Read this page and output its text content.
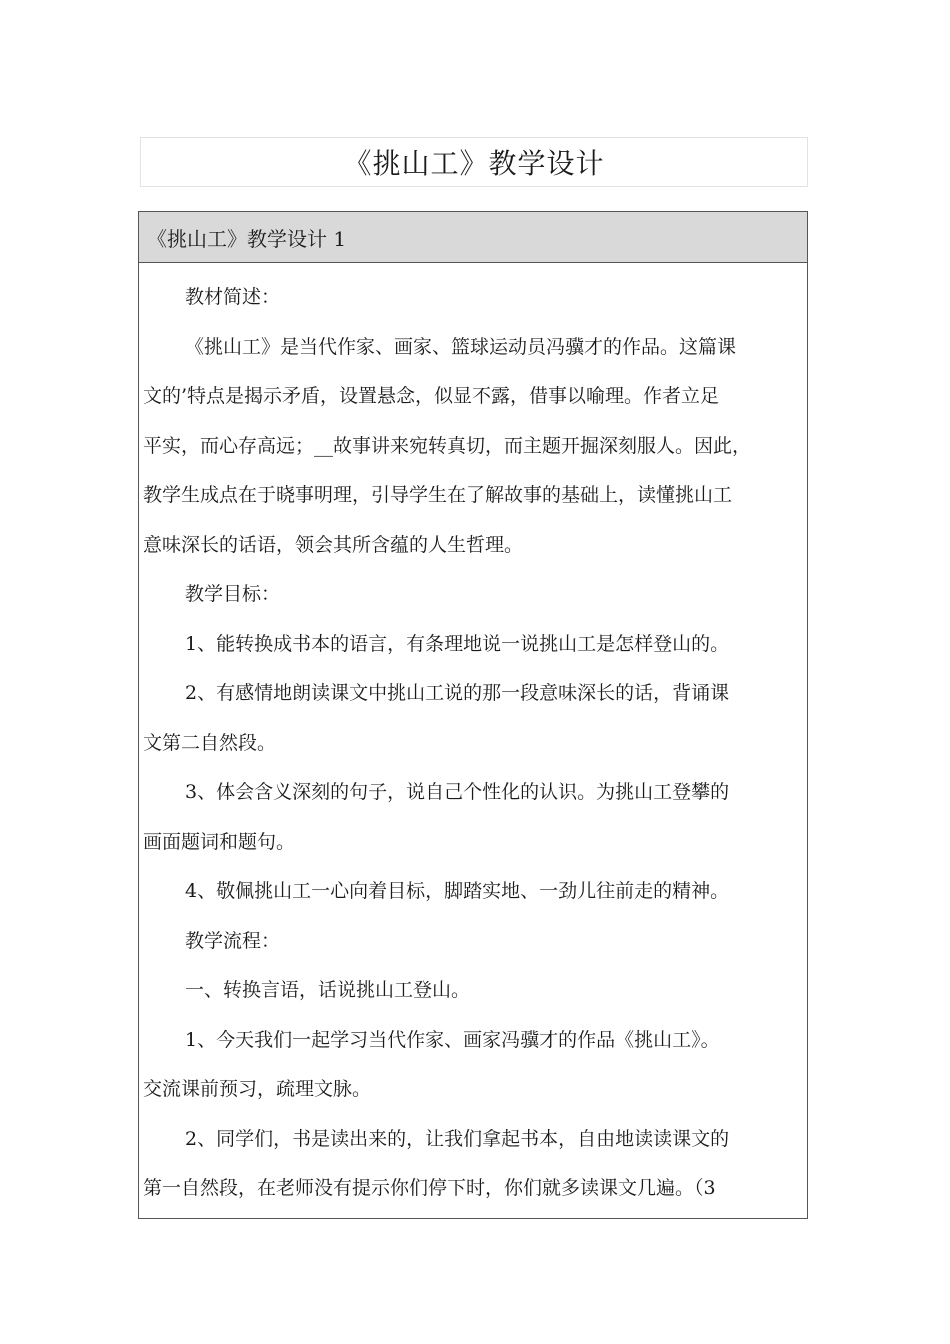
《挑山工》教学设计
《挑山工》教学设计 1

教材简述：

《挑山工》是当代作家、画家、篮球运动员冯骥才的作品。这篇课

文的’特点是揭示矛盾，设置悬念，似显不露，借事以喻理。作者立足

平实，而心存高远；__故事讲来宛转真切，而主题开掘深刻服人。因此，

教学生成点在于晓事明理，引导学生在了解故事的基础上，读懂挑山工

意味深长的话语，领会其所含蕴的人生哲理。

教学目标：

1、能转换成书本的语言，有条理地说一说挑山工是怎样登山的。

2、有感情地朗读课文中挑山工说的那一段意味深长的话，背诵课

文第二自然段。

3、体会含义深刻的句子，说自己个性化的认识。为挑山工登攀的

画面题词和题句。

4、敬佩挑山工一心向着目标，脚踏实地、一劲儿往前走的精神。

教学流程：

一、转换言语，话说挑山工登山。

1、今天我们一起学习当代作家、画家冯骥才的作品《挑山工》。

交流课前预习，疏理文脉。

2、同学们，书是读出来的，让我们拿起书本，自由地读读课文的

第一自然段，在老师没有提示你们停下时，你们就多读课文几遍。（3
